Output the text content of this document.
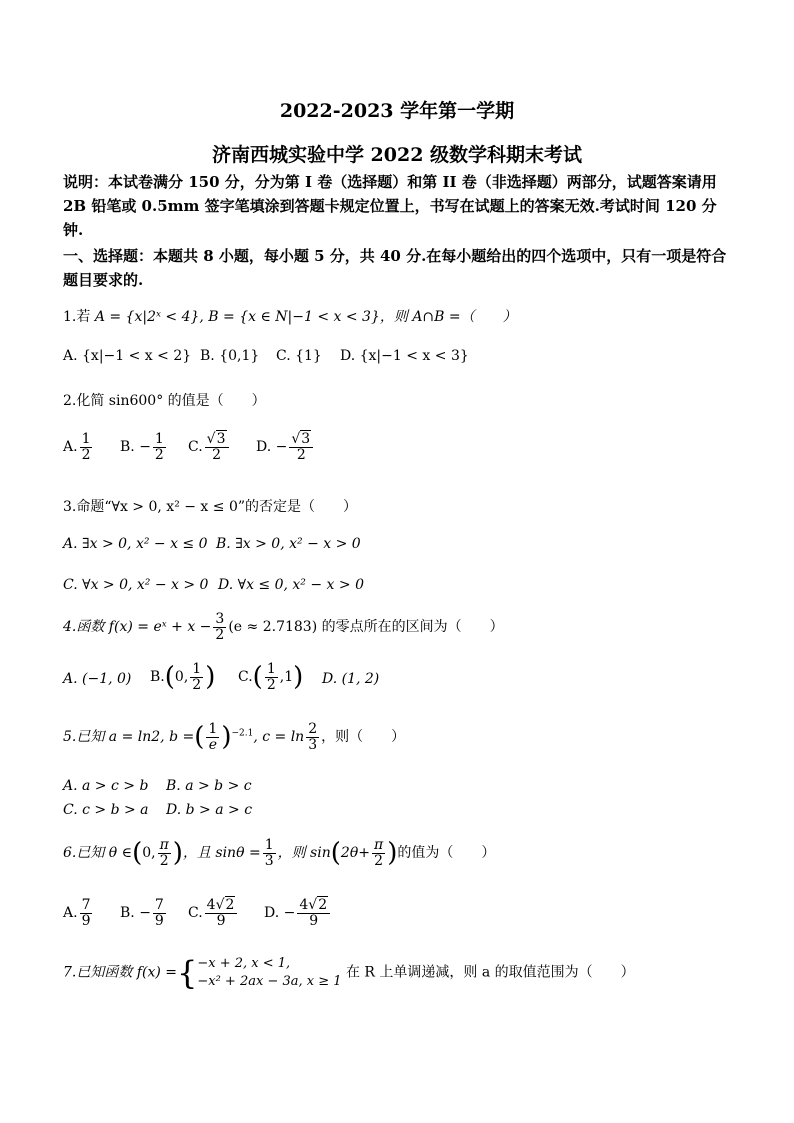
2022-2023 学年第一学期
济南西城实验中学 2022 级数学科期末考试
说明：本试卷满分 150 分，分为第 I 卷（选择题）和第 II 卷（非选择题）两部分，试题答案请用 2B 铅笔或 0.5mm 签字笔填涂到答题卡规定位置上，书写在试题上的答案无效.考试时间 120 分钟.
一、选择题：本题共 8 小题，每小题 5 分，共 40 分.在每小题给出的四个选项中，只有一项是符合题目要求的.
1.若 A = {x|2ˣ < 4}, B = {x ∈ N|−1 < x < 3}，则 A∩B =（　　）
A. {x|−1 < x < 2} B. {0,1} C. {1} D. {x|−1 < x < 3}
2.化简 sin600° 的值是（　　）
A. $\frac{1}{2} B$. − $\frac{1}{2} C$. $\frac{√3}{2} D$. − $\frac{√3}{2}$
3.命题“∀x > 0, x² − x ≤ 0”的否定是（　　）
A. ∃x > 0, x² − x ≤ 0 B. ∃x > 0, x² − x > 0
C. ∀x > 0, x² − x > 0 D. ∀x ≤ 0, x² − x > 0
4.函数 f(x) = eˣ + $x - \frac{3}{2} (e \approx 2.7183)$ 的零点所在的区间为（　　）
A. (−1, 0) B.(0, $\frac{1}{2}$ ) $C.( \frac{1}{2} ,1)$ D. (1, 2)
5.已知 a = ln2, b =( $\frac{1}{e} )^{-2.1}$, $c = \ln \frac{2}{3}$ ，则（　　）
A. a > c > b B. a > b > c
C. c > b > a D. b > a > c
6.已知 θ ∈(0, $\frac{\pi}{2}$ )，且 $\sin\theta = \frac{1}{3}$ ，则 $\sin(2\theta+ \frac{\pi}{2}$ )的值为（　　）
A. $\frac{7}{9} B$. − $\frac{7}{9} C$. $\frac{4√2}{9} D$. − $\frac{4√2}{9}$
7.已知函数 f(x) ={ −x + 2, x < 1,
−x² + 2ax − 3a, x ≥ 1
在 R 上单调递减，则 a 的取值范围为（　　）
